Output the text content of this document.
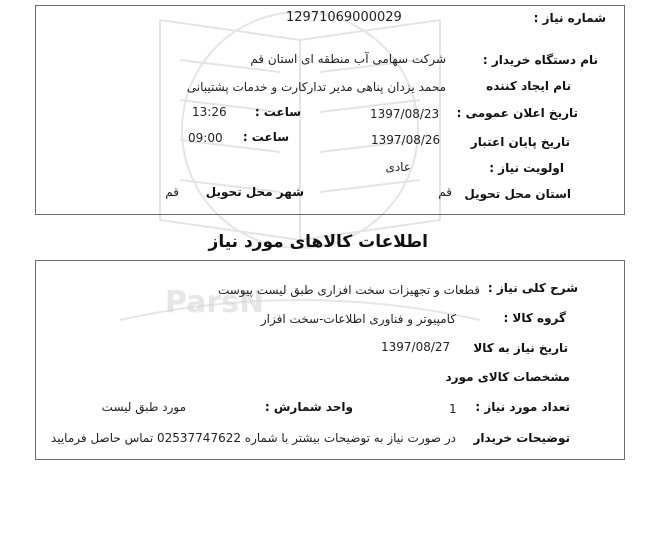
ParsN
شماره نیاز :
12971069000029
نام دستگاه خریدار :
شرکت سهامی آب منطقه ای استان قم
نام ایجاد کننده
محمد یزدان پناهی مدیر تدارکارت و خدمات پشتیبانی
تاریخ اعلان عمومی :
1397/08/23
ساعت :
13:26
تاریخ پایان اعتبار
1397/08/26
ساعت :
09:00
اولویت نیاز :
عادی
استان محل تحویل
قم
شهر محل تحویل
قم
اطلاعات کالاهای مورد نیاز
شرح کلی نیاز :
قطعات و تجهیزات سخت افزاری طبق لیست پیوست
گروه کالا :
کامپیوتر و فناوری اطلاعات-سخت افزار
تاریخ نیاز به کالا
1397/08/27
مشخصات کالای مورد
تعداد مورد نیاز :
1
واحد شمارش :
مورد طبق لیست
توضیحات خریدار
در صورت نیاز به توضیحات بیشتر با شماره 02537747622 تماس حاصل فرمایید
